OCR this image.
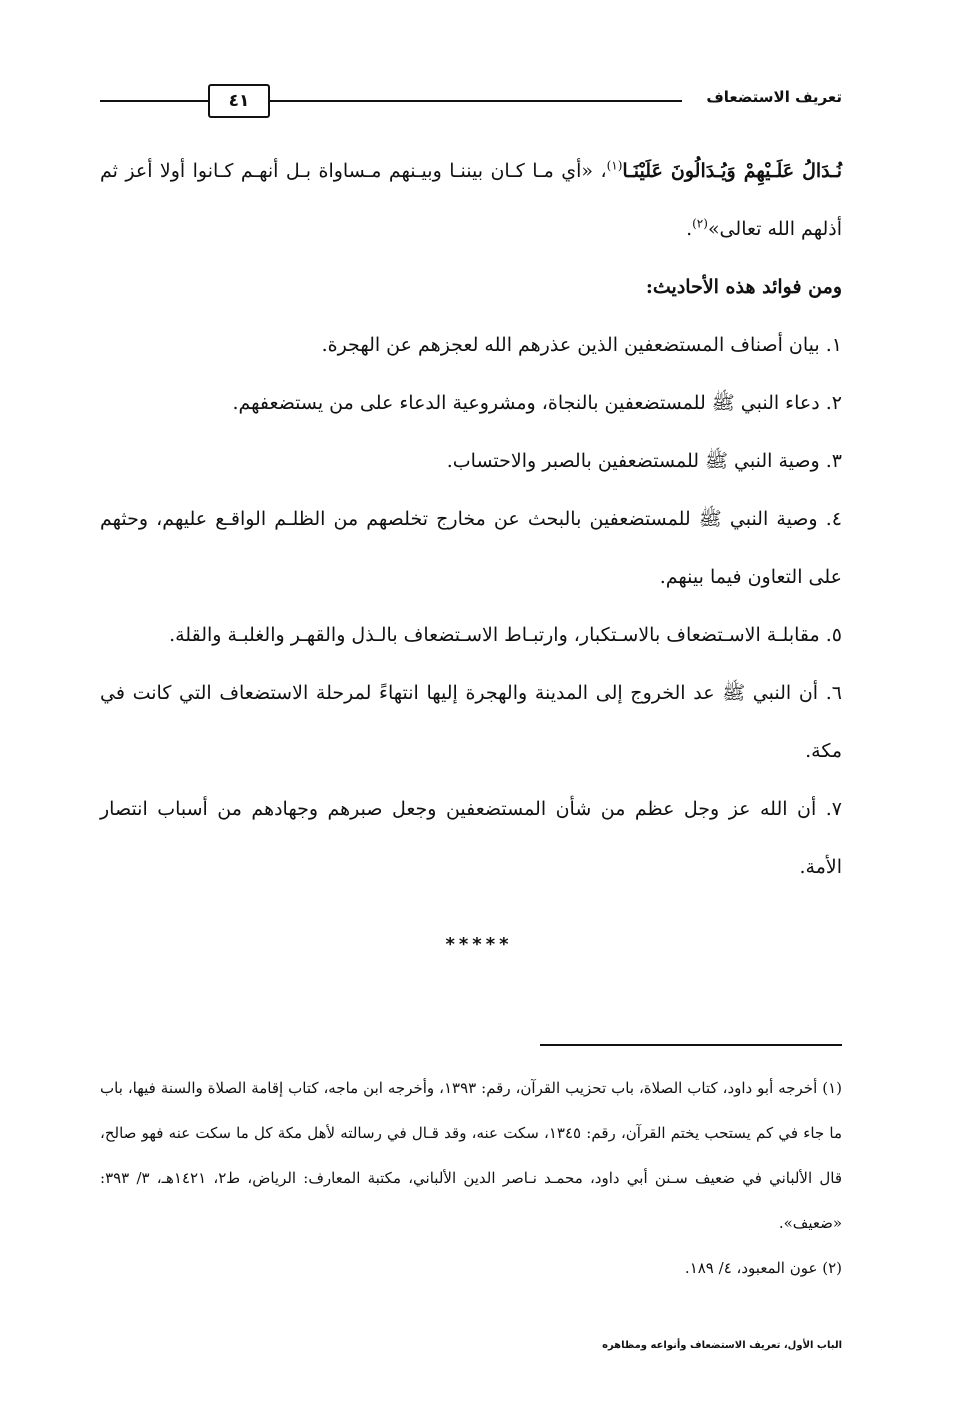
تعريف الاستضعاف
٤١

نُـدَالُ عَلَـيْهِمْ وَيُـدَالُونَ عَلَيْنَـا$^{(١)}$، «أي مـا كـان بيننـا وبيـنهم مـساواة بـل أنهـم كـانوا أولا أعز ثم أذلهم الله تعالى»$^{(٢)}$.

ومن فوائد هذه الأحاديث:

١. بيان أصناف المستضعفين الذين عذرهم الله لعجزهم عن الهجرة.

٢. دعاء النبي ﷺ للمستضعفين بالنجاة، ومشروعية الدعاء على من يستضعفهم.

٣. وصية النبي ﷺ للمستضعفين بالصبر والاحتساب.

٤. وصية النبي ﷺ للمستضعفين بالبحث عن مخارج تخلصهم من الظلـم الواقـع عليهم، وحثهم على التعاون فيما بينهم.

٥. مقابلـة الاسـتضعاف بالاسـتكبار، وارتبـاط الاسـتضعاف بالـذل والقهـر والغلبـة والقلة.

٦. أن النبي ﷺ عد الخروج إلى المدينة والهجرة إليها انتهاءً لمرحلة الاستضعاف التي كانت في مكة.

٧. أن الله عز وجل عظم من شأن المستضعفين وجعل صبرهم وجهادهم من أسباب انتصار الأمة.

*****

(١) أخرجه أبو داود، كتاب الصلاة، باب تحزيب القرآن، رقم: ١٣٩٣، وأخرجه ابن ماجه، كتاب إقامة الصلاة والسنة فيها، باب ما جاء في كم يستحب يختم القرآن، رقم: ١٣٤٥، سكت عنه، وقد قـال في رسالته لأهل مكة كل ما سكت عنه فهو صالح، قال الألباني في ضعيف سـنن أبي داود، محمـد نـاصر الدين الألباني، مكتبة المعارف: الرياض، ط٢، ١٤٢١هـ، ٣/ ٣٩٣: «ضعيف».

(٢) عون المعبود، ٤/ ١٨٩.

الباب الأول، تعريف الاستضعاف وأنواعه ومظاهره
